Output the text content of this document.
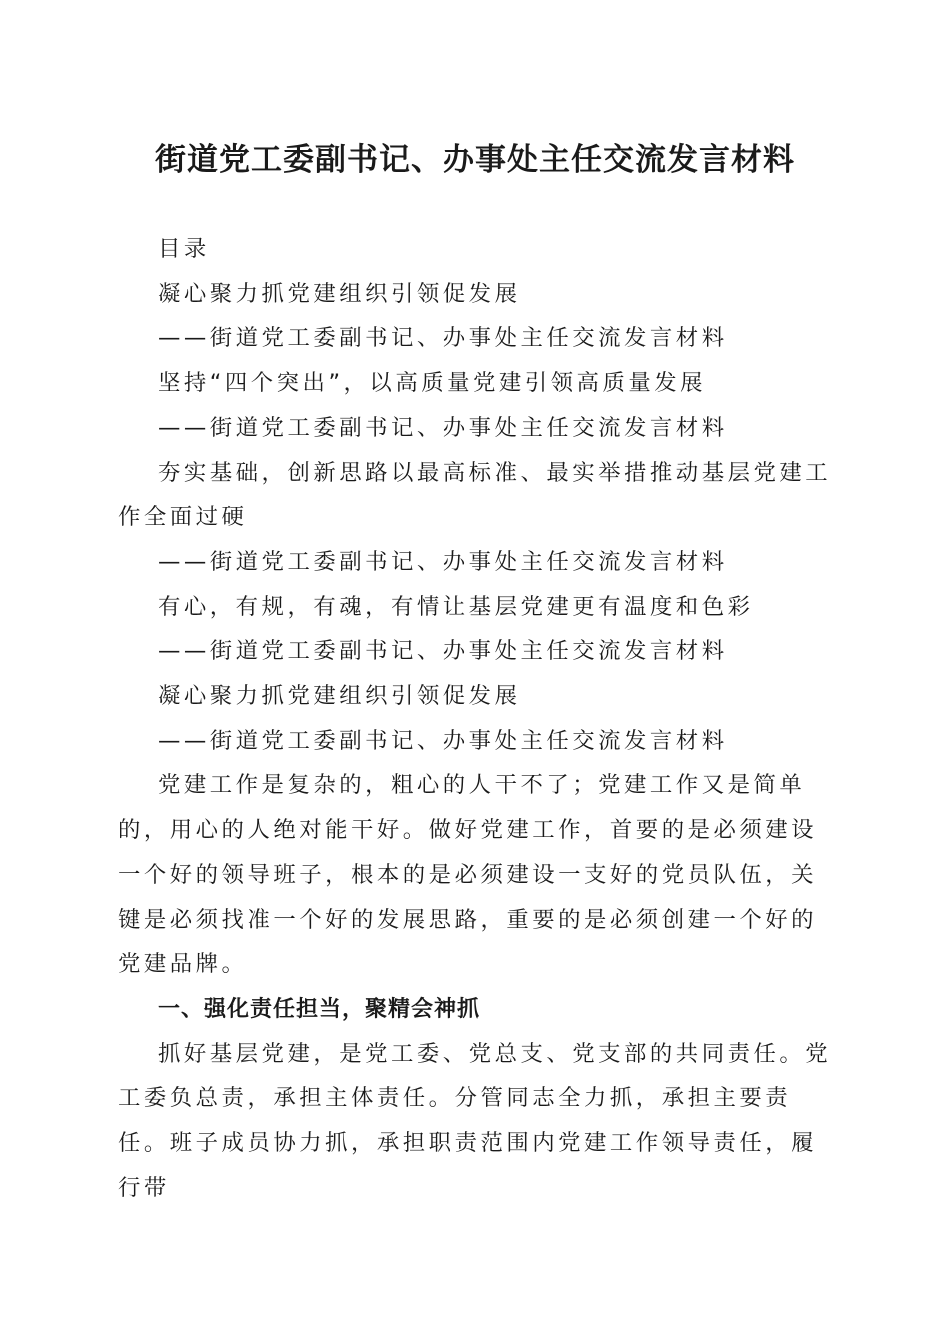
街道党工委副书记、办事处主任交流发言材料

目录

凝心聚力抓党建组织引领促发展

——街道党工委副书记、办事处主任交流发言材料

坚持“四个突出”，以高质量党建引领高质量发展

——街道党工委副书记、办事处主任交流发言材料

夯实基础，创新思路以最高标准、最实举措推动基层党建工

作全面过硬

——街道党工委副书记、办事处主任交流发言材料

有心，有规，有魂，有情让基层党建更有温度和色彩

——街道党工委副书记、办事处主任交流发言材料

凝心聚力抓党建组织引领促发展

——街道党工委副书记、办事处主任交流发言材料

党建工作是复杂的，粗心的人干不了；党建工作又是简单的，用心的人绝对能干好。做好党建工作，首要的是必须建设一个好的领导班子，根本的是必须建设一支好的党员队伍，关键是必须找准一个好的发展思路，重要的是必须创建一个好的党建品牌。

一、强化责任担当，聚精会神抓

抓好基层党建，是党工委、党总支、党支部的共同责任。党工委负总责，承担主体责任。分管同志全力抓，承担主要责任。班子成员协力抓，承担职责范围内党建工作领导责任，履行带
